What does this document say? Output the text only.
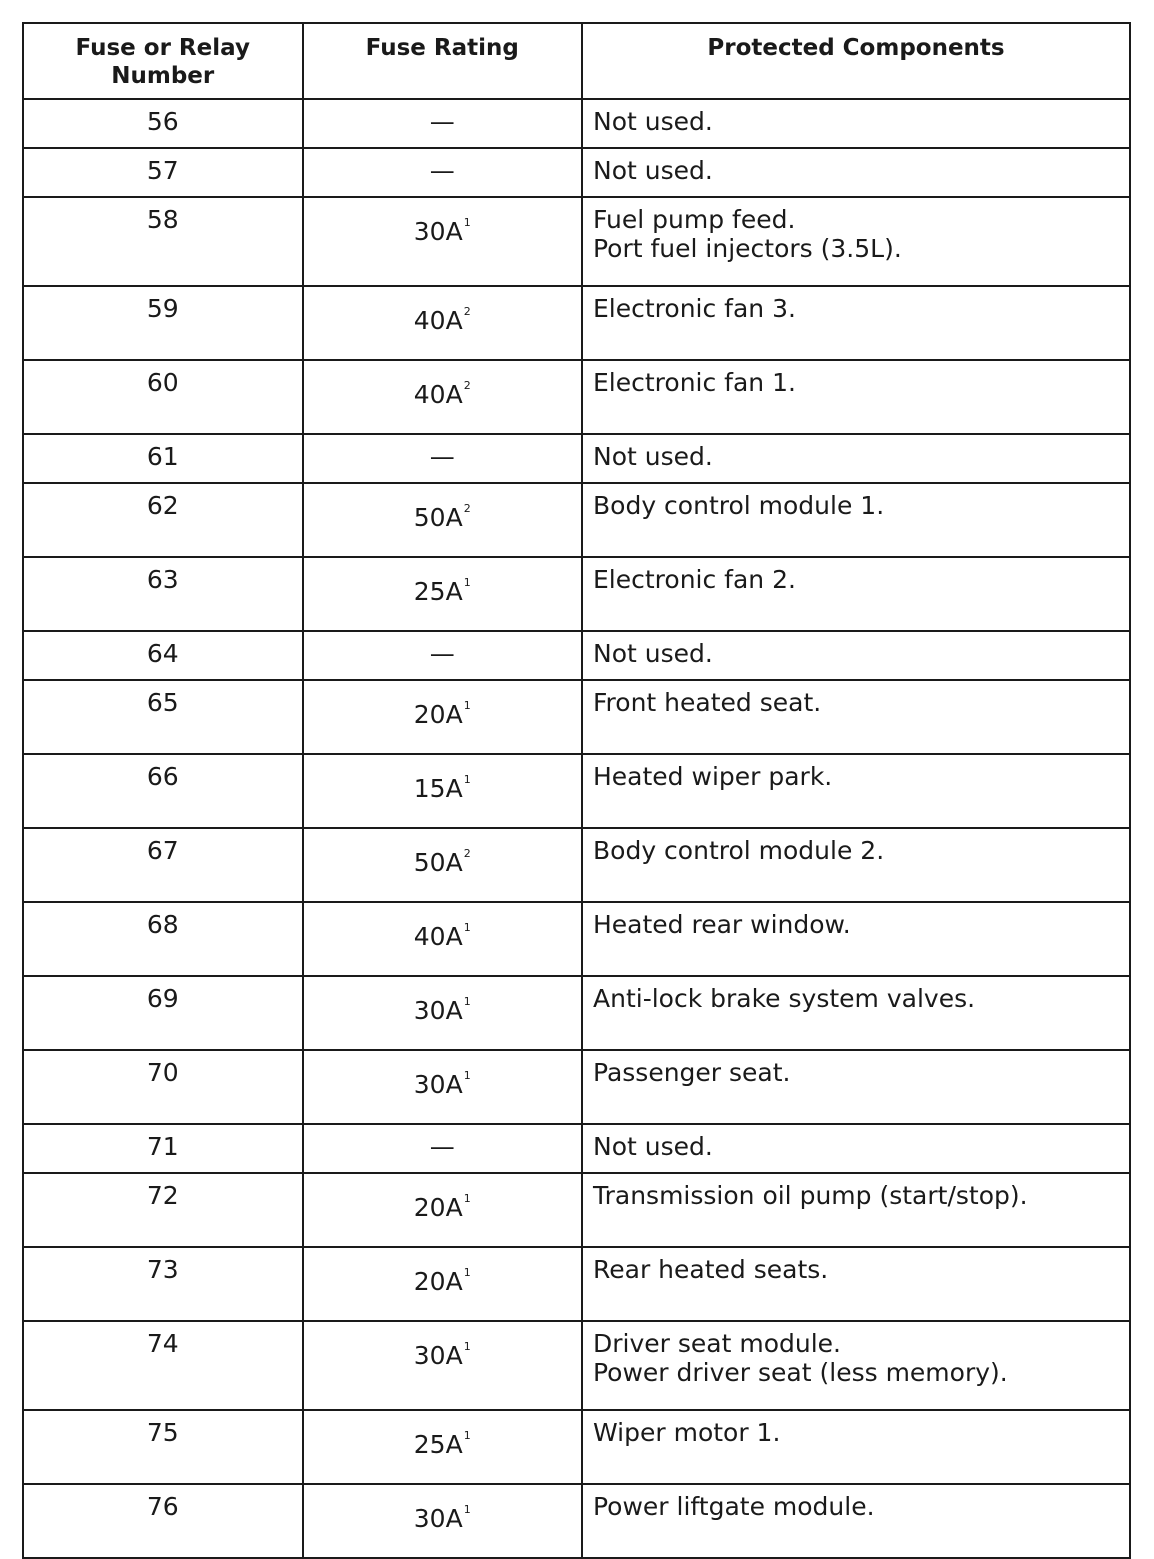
Fuse or Relay
Number	Fuse Rating	Protected Components
56	—	Not used.

57	—	Not used.

58	$30A^1$	Fuel pump feed.
Port fuel injectors (3.5L).

59	$40A^2$	Electronic fan 3.

60	$40A^2$	Electronic fan 1.

61	—	Not used.

62	$50A^2$	Body control module 1.

63	$25A^1$	Electronic fan 2.

64	—	Not used.

65	$20A^1$	Front heated seat.

66	$15A^1$	Heated wiper park.

67	$50A^2$	Body control module 2.

68	$40A^1$	Heated rear window.

69	$30A^1$	Anti-lock brake system valves.

70	$30A^1$	Passenger seat.

71	—	Not used.

72	$20A^1$	Transmission oil pump (start/stop).

73	$20A^1$	Rear heated seats.

74	$30A^1$	Driver seat module.
Power driver seat (less memory).

75	$25A^1$	Wiper motor 1.

76	$30A^1$	Power liftgate module.
